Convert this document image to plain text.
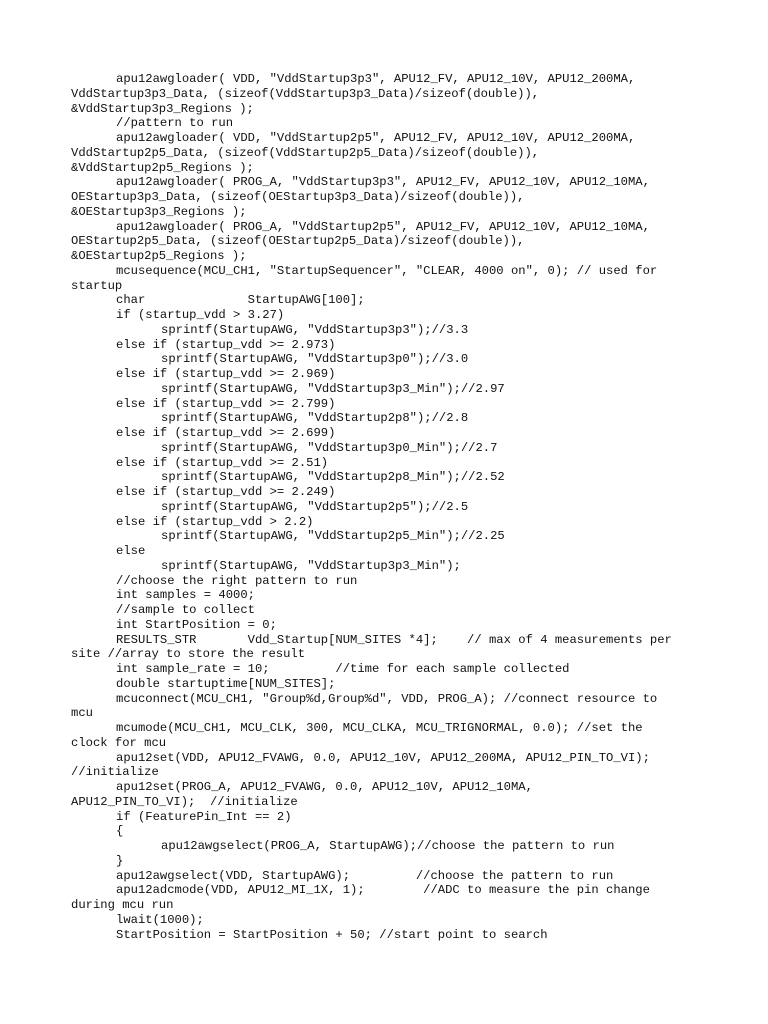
apu12awgloader( VDD, "VddStartup3p3", APU12_FV, APU12_10V, APU12_200MA,
VddStartup3p3_Data, (sizeof(VddStartup3p3_Data)/sizeof(double)),
&VddStartup3p3_Regions );
//pattern to run
apu12awgloader( VDD, "VddStartup2p5", APU12_FV, APU12_10V, APU12_200MA,
VddStartup2p5_Data, (sizeof(VddStartup2p5_Data)/sizeof(double)),
&VddStartup2p5_Regions );
apu12awgloader( PROG_A, "VddStartup3p3", APU12_FV, APU12_10V, APU12_10MA,
OEStartup3p3_Data, (sizeof(OEStartup3p3_Data)/sizeof(double)),
&OEStartup3p3_Regions );
apu12awgloader( PROG_A, "VddStartup2p5", APU12_FV, APU12_10V, APU12_10MA,
OEStartup2p5_Data, (sizeof(OEStartup2p5_Data)/sizeof(double)),
&OEStartup2p5_Regions );
mcusequence(MCU_CH1, "StartupSequencer", "CLEAR, 4000 on", 0); // used for
startup
char              StartupAWG[100];
if (startup_vdd > 3.27)
sprintf(StartupAWG, "VddStartup3p3");//3.3
else if (startup_vdd >= 2.973)
sprintf(StartupAWG, "VddStartup3p0");//3.0
else if (startup_vdd >= 2.969)
sprintf(StartupAWG, "VddStartup3p3_Min");//2.97
else if (startup_vdd >= 2.799)
sprintf(StartupAWG, "VddStartup2p8");//2.8
else if (startup_vdd >= 2.699)
sprintf(StartupAWG, "VddStartup3p0_Min");//2.7
else if (startup_vdd >= 2.51)
sprintf(StartupAWG, "VddStartup2p8_Min");//2.52
else if (startup_vdd >= 2.249)
sprintf(StartupAWG, "VddStartup2p5");//2.5
else if (startup_vdd > 2.2)
sprintf(StartupAWG, "VddStartup2p5_Min");//2.25
else
sprintf(StartupAWG, "VddStartup3p3_Min");
//choose the right pattern to run
int samples = 4000;
//sample to collect
int StartPosition = 0;
RESULTS_STR       Vdd_Startup[NUM_SITES *4];    // max of 4 measurements per
site //array to store the result
int sample_rate = 10;         //time for each sample collected
double startuptime[NUM_SITES];
mcuconnect(MCU_CH1, "Group%d,Group%d", VDD, PROG_A); //connect resource to
mcu
mcumode(MCU_CH1, MCU_CLK, 300, MCU_CLKA, MCU_TRIGNORMAL, 0.0); //set the
clock for mcu
apu12set(VDD, APU12_FVAWG, 0.0, APU12_10V, APU12_200MA, APU12_PIN_TO_VI);
//initialize
apu12set(PROG_A, APU12_FVAWG, 0.0, APU12_10V, APU12_10MA,
APU12_PIN_TO_VI);  //initialize
if (FeaturePin_Int == 2)
{
apu12awgselect(PROG_A, StartupAWG);//choose the pattern to run
}
apu12awgselect(VDD, StartupAWG);         //choose the pattern to run
apu12adcmode(VDD, APU12_MI_1X, 1);        //ADC to measure the pin change
during mcu run
lwait(1000);
StartPosition = StartPosition + 50; //start point to search
